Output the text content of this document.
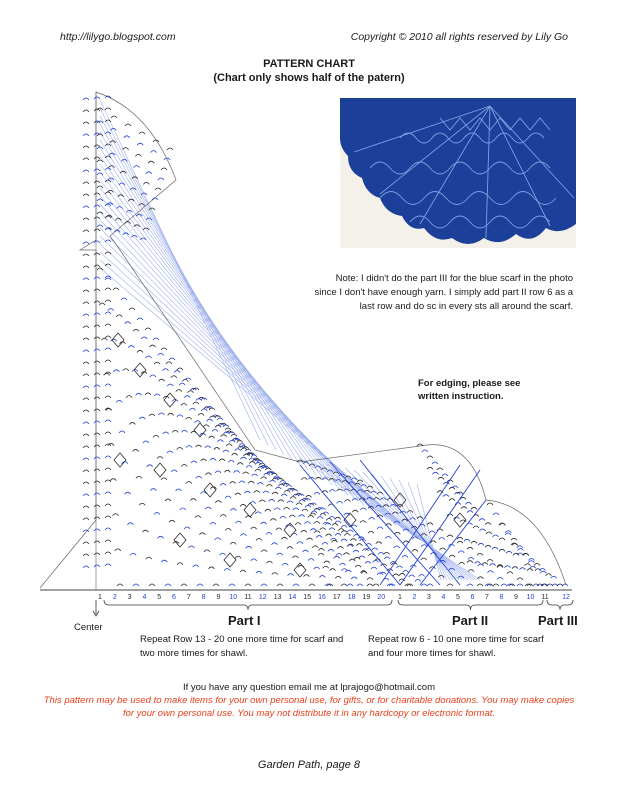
http://lilygo.blogspot.com	Copyright © 2010 all rights reserved by Lily Go
PATTERN CHART
(Chart only shows half of the patern)
1 2 3 4 5 6 7 8 9 10 11 12 13 14 15 16 17 18 19 20 1 2 3 4 5 6 7 8 9 10 11 12
Note: I didn't do the part III for the blue scarf in the photo
since I don't have enough yarn. I simply add part II row 6 as a
last row and do sc in every sts all around the scarf.
For edging, please see
written instruction.
Part I	Part II	Part III
Center
Repeat Row 13 - 20 one more time for scarf and
two more times for shawl.
Repeat row 6 - 10 one more time for scarf
and four more times for shawl.
If you have any question email me at lprajogo@hotmail.com
This pattern may be used to make items for your own personal use, for gifts, or for charitable donations. You may make copies
for your own personal use. You may not distribute it in any hardcopy or electronic format.
Garden Path, page 8
